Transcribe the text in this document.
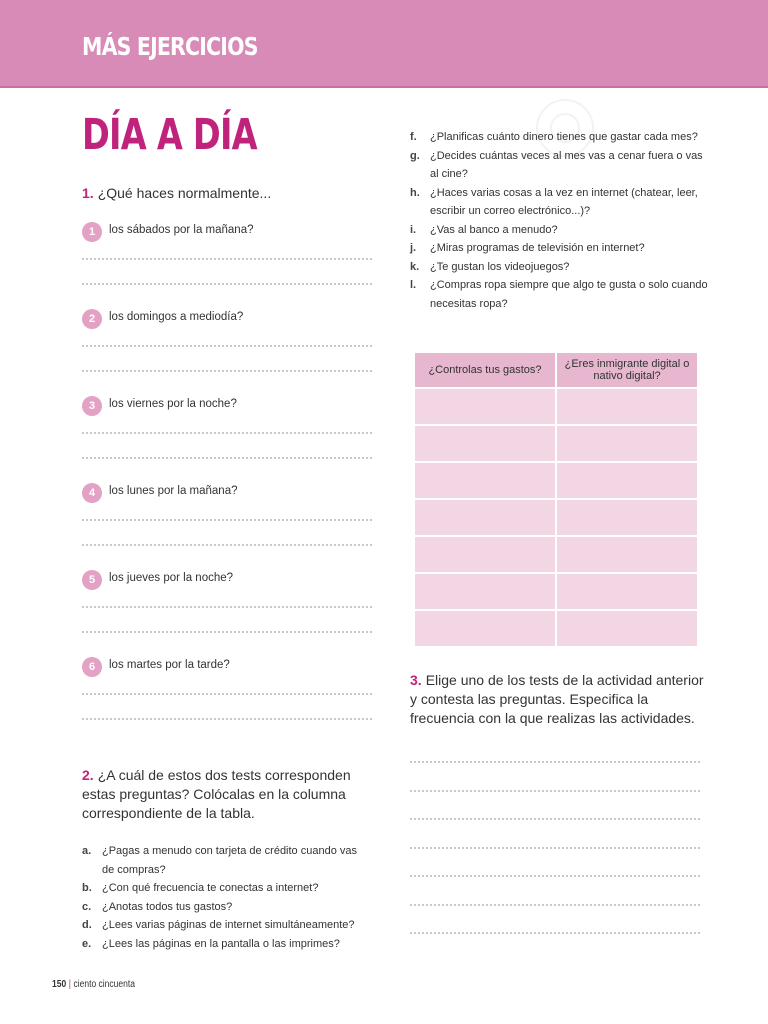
MÁS EJERCICIOS
DÍA A DÍA
1. ¿Qué haces normalmente...
1	los sábados por la mañana?
2	los domingos a mediodía?
3	los viernes por la noche?
4	los lunes por la mañana?
5	los jueves por la noche?
6	los martes por la tarde?
2. ¿A cuál de estos dos tests corresponden estas preguntas? Colócalas en la columna correspondiente de la tabla.
a. ¿Pagas a menudo con tarjeta de crédito cuando vas de compras?
b. ¿Con qué frecuencia te conectas a internet?
c. ¿Anotas todos tus gastos?
d. ¿Lees varias páginas de internet simultáneamente?
e. ¿Lees las páginas en la pantalla o las imprimes?
f. ¿Planificas cuánto dinero tienes que gastar cada mes?
g. ¿Decides cuántas veces al mes vas a cenar fuera o vas al cine?
h. ¿Haces varias cosas a la vez en internet (chatear, leer, escribir un correo electrónico...)?
i. ¿Vas al banco a menudo?
j. ¿Miras programas de televisión en internet?
k. ¿Te gustan los videojuegos?
l. ¿Compras ropa siempre que algo te gusta o solo cuando necesitas ropa?
¿Controlas tus gastos?	¿Eres inmigrante digital o nativo digital?

3. Elige uno de los tests de la actividad anterior y contesta las preguntas. Especifica la frecuencia con la que realizas las actividades.
150 | ciento cincuenta
